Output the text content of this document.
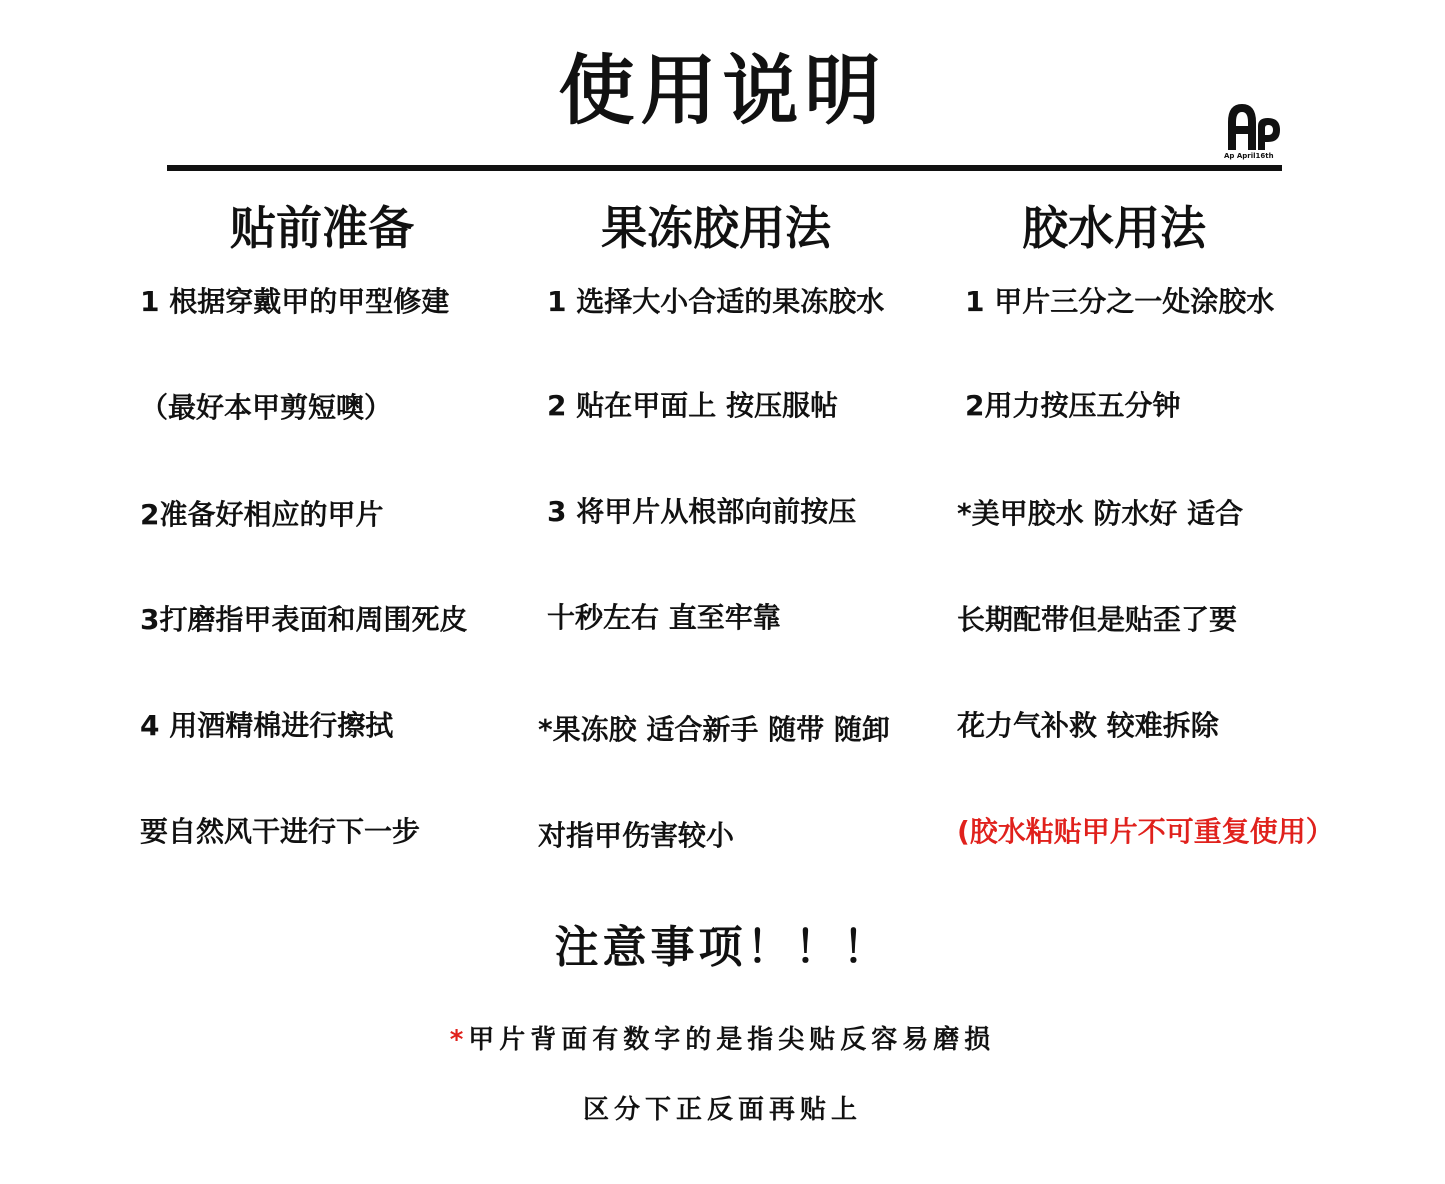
使用说明
Ap April16th
贴前准备	果冻胶用法	胶水用法
1 根据穿戴甲的甲型修建
（最好本甲剪短噢）
2准备好相应的甲片
3打磨指甲表面和周围死皮
4 用酒精棉进行擦拭
要自然风干进行下一步
1 选择大小合适的果冻胶水
2 贴在甲面上 按压服帖
3 将甲片从根部向前按压
十秒左右 直至牢靠
*果冻胶 适合新手 随带 随卸
对指甲伤害较小
1 甲片三分之一处涂胶水
2用力按压五分钟
*美甲胶水 防水好 适合
长期配带但是贴歪了要
花力气补救 较难拆除
(胶水粘贴甲片不可重复使用）
注意事项！！！
*甲片背面有数字的是指尖贴反容易磨损
区分下正反面再贴上
